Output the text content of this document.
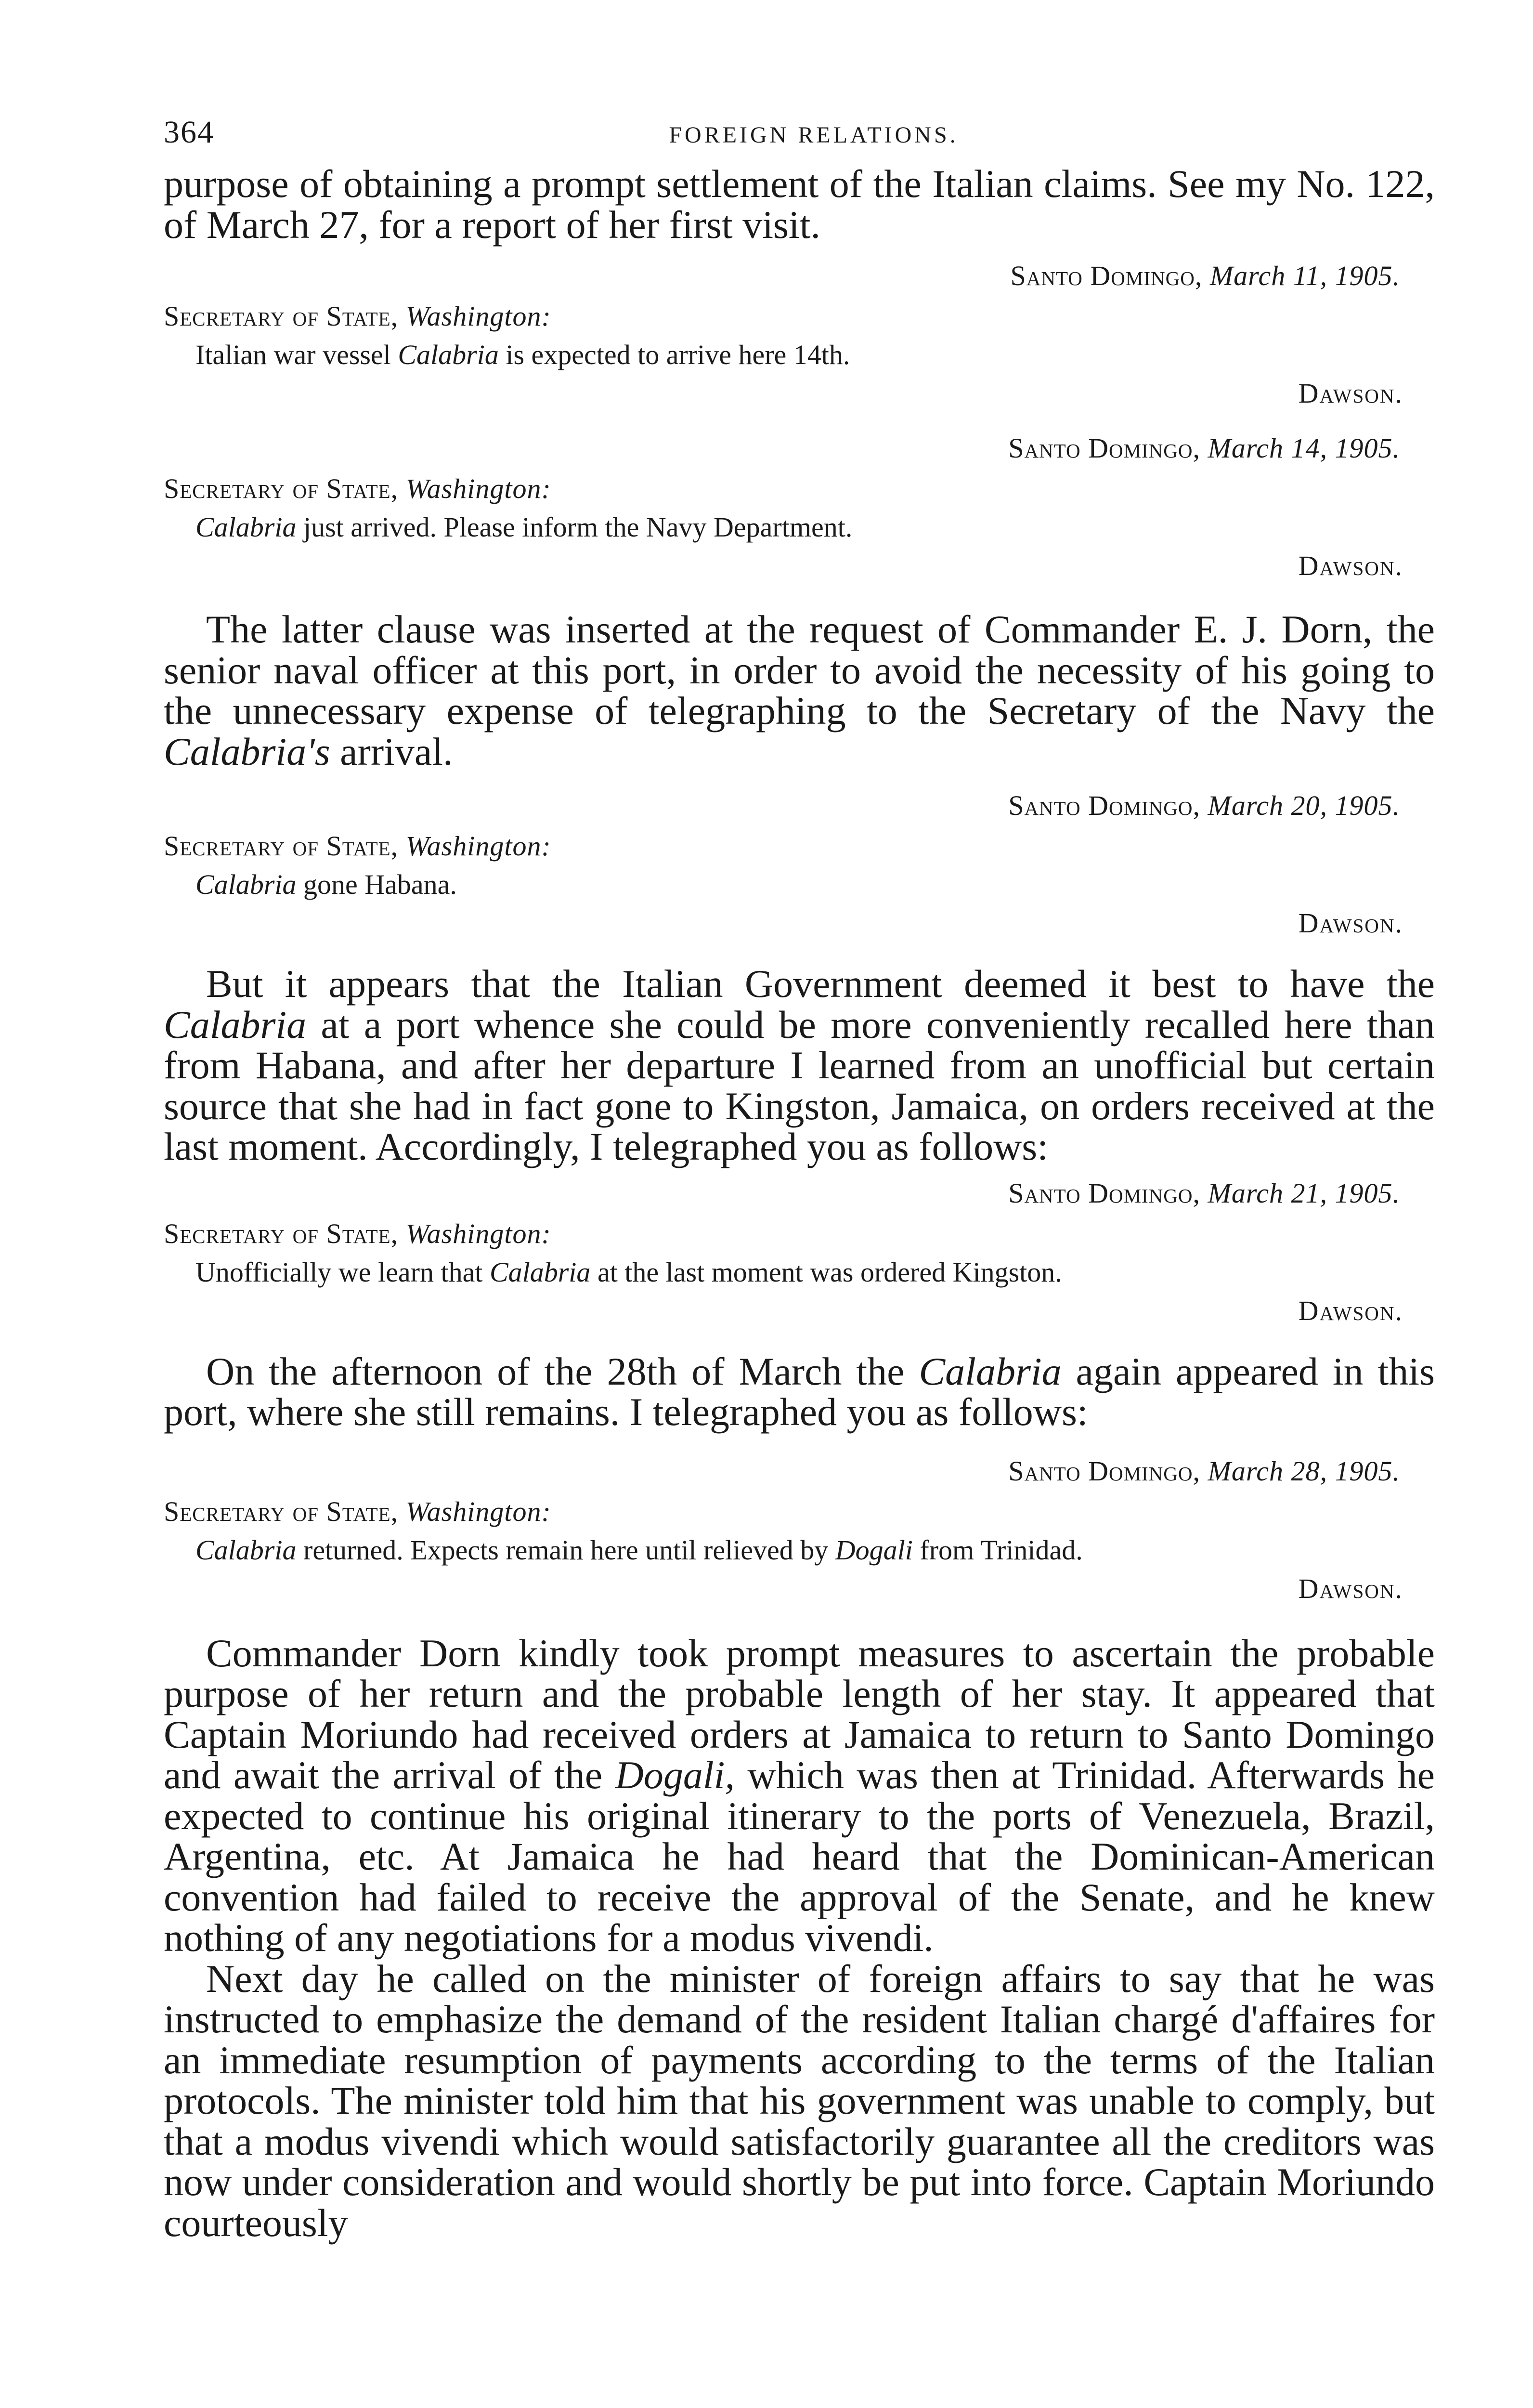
364	FOREIGN RELATIONS.

purpose of obtaining a prompt settlement of the Italian claims. See my No. 122, of March 27, for a report of her first visit.

Santo Domingo, March 11, 1905.
Secretary of State, Washington:
Italian war vessel Calabria is expected to arrive here 14th.
Dawson.
Santo Domingo, March 14, 1905.
Secretary of State, Washington:
Calabria just arrived. Please inform the Navy Department.
Dawson.

The latter clause was inserted at the request of Commander E. J. Dorn, the senior naval officer at this port, in order to avoid the necessity of his going to the unnecessary expense of telegraphing to the Secretary of the Navy the Calabria's arrival.

Santo Domingo, March 20, 1905.
Secretary of State, Washington:
Calabria gone Habana.
Dawson.

But it appears that the Italian Government deemed it best to have the Calabria at a port whence she could be more conveniently recalled here than from Habana, and after her departure I learned from an unofficial but certain source that she had in fact gone to Kingston, Jamaica, on orders received at the last moment. Accordingly, I telegraphed you as follows:

Santo Domingo, March 21, 1905.
Secretary of State, Washington:
Unofficially we learn that Calabria at the last moment was ordered Kingston.
Dawson.

On the afternoon of the 28th of March the Calabria again appeared in this port, where she still remains. I telegraphed you as follows:

Santo Domingo, March 28, 1905.
Secretary of State, Washington:
Calabria returned. Expects remain here until relieved by Dogali from Trinidad.
Dawson.

Commander Dorn kindly took prompt measures to ascertain the probable purpose of her return and the probable length of her stay. It appeared that Captain Moriundo had received orders at Jamaica to return to Santo Domingo and await the arrival of the Dogali, which was then at Trinidad. Afterwards he expected to continue his original itinerary to the ports of Venezuela, Brazil, Argentina, etc. At Jamaica he had heard that the Dominican-American convention had failed to receive the approval of the Senate, and he knew nothing of any negotiations for a modus vivendi.

Next day he called on the minister of foreign affairs to say that he was instructed to emphasize the demand of the resident Italian chargé d'affaires for an immediate resumption of payments according to the terms of the Italian protocols. The minister told him that his government was unable to comply, but that a modus vivendi which would satisfactorily guarantee all the creditors was now under consideration and would shortly be put into force. Captain Moriundo courteously
